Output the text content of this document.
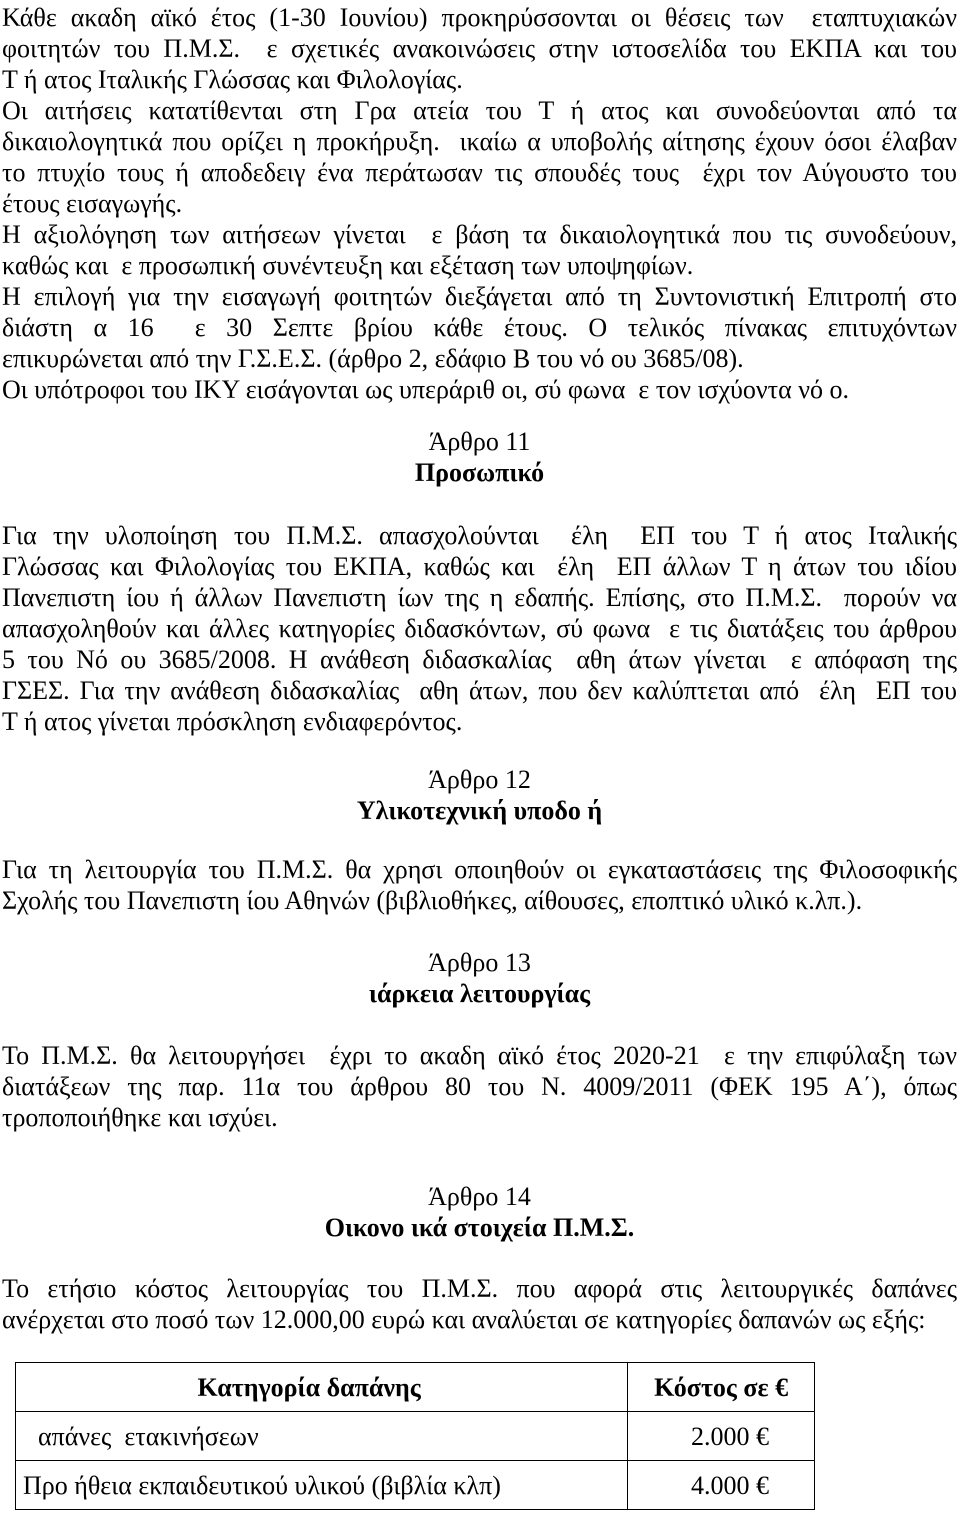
Κάθε ακαδη αϊκό έτος (1-30 Ιουνίου) προκηρύσσονται οι θέσεις των  εταπτυχιακών
φοιτητών του Π.Μ.Σ.  ε σχετικές ανακοινώσεις στην ιστοσελίδα του ΕΚΠΑ και του
Τ ή ατος Ιταλικής Γλώσσας και Φιλολογίας.
Οι αιτήσεις κατατίθενται στη Γρα ατεία του Τ ή ατος και συνοδεύονται από τα
δικαιολογητικά που ορίζει η προκήρυξη.  ικαίω α υποβολής αίτησης έχουν όσοι έλαβαν
το πτυχίο τους ή αποδεδειγ ένα περάτωσαν τις σπουδές τους  έχρι τον Αύγουστο του
έτους εισαγωγής.
Η αξιολόγηση των αιτήσεων γίνεται  ε βάση τα δικαιολογητικά που τις συνοδεύουν,
καθώς και  ε προσωπική συνέντευξη και εξέταση των υποψηφίων.
Η επιλογή για την εισαγωγή φοιτητών διεξάγεται από τη Συντονιστική Επιτροπή στο
διάστη α 16  ε 30 Σεπτε βρίου κάθε έτους. Ο τελικός πίνακας επιτυχόντων
επικυρώνεται από την Γ.Σ.Ε.Σ. (άρθρο 2, εδάφιο Β του νό ου 3685/08).
Οι υπότροφοι του ΙΚΥ εισάγονται ως υπεράριθ οι, σύ φωνα  ε τον ισχύοντα νό ο.
Άρθρο 11
Προσωπικό
Για την υλοποίηση του Π.Μ.Σ. απασχολούνται  έλη  ΕΠ του Τ ή ατος Ιταλικής
Γλώσσας και Φιλολογίας του ΕΚΠΑ, καθώς και  έλη  ΕΠ άλλων Τ η άτων του ιδίου
Πανεπιστη ίου ή άλλων Πανεπιστη ίων της η εδαπής. Επίσης, στο Π.Μ.Σ.  πορούν να
απασχοληθούν και άλλες κατηγορίες διδασκόντων, σύ φωνα  ε τις διατάξεις του άρθρου
5 του Νό ου 3685/2008. Η ανάθεση διδασκαλίας  αθη άτων γίνεται  ε απόφαση της
ΓΣΕΣ. Για την ανάθεση διδασκαλίας  αθη άτων, που δεν καλύπτεται από  έλη  ΕΠ του
Τ ή ατος γίνεται πρόσκληση ενδιαφερόντος.
Άρθρο 12
Υλικοτεχνική υποδο ή
Για τη λειτουργία του Π.Μ.Σ. θα χρησι οποιηθούν οι εγκαταστάσεις της Φιλοσοφικής
Σχολής του Πανεπιστη ίου Αθηνών (βιβλιοθήκες, αίθουσες, εποπτικό υλικό κ.λπ.).
Άρθρο 13
ιάρκεια λειτουργίας
Το Π.Μ.Σ. θα λειτουργήσει  έχρι το ακαδη αϊκό έτος 2020-21  ε την επιφύλαξη των
διατάξεων της παρ. 11α του άρθρου 80 του Ν. 4009/2011 (ΦΕΚ 195 Α΄), όπως
τροποποιήθηκε και ισχύει.
Άρθρο 14
Οικονο ικά στοιχεία Π.Μ.Σ.
Το ετήσιο κόστος λειτουργίας του Π.Μ.Σ. που αφορά στις λειτουργικές δαπάνες
ανέρχεται στο ποσό των 12.000,00 ευρώ και αναλύεται σε κατηγορίες δαπανών ως εξής:
Κατηγορία δαπάνης	Κόστος σε €
απάνες  ετακινήσεων	2.000 €
Προ ήθεια εκπαιδευτικού υλικού (βιβλία κλπ)	4.000 €
